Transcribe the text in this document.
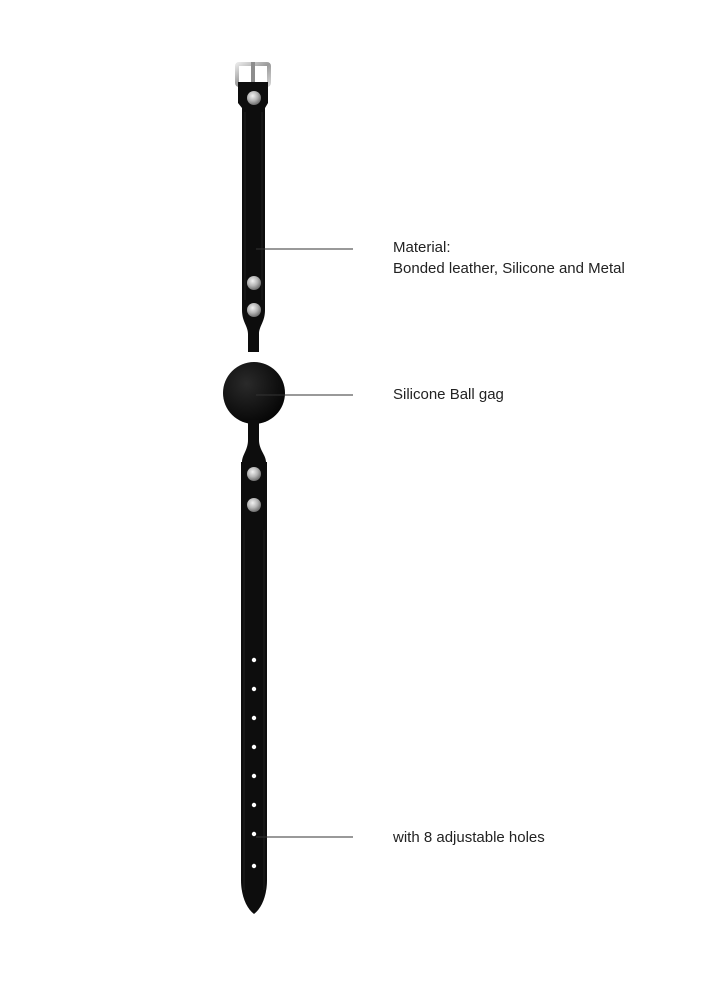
Material:
Bonded leather, Silicone and Metal
Silicone Ball gag
with 8 adjustable holes
